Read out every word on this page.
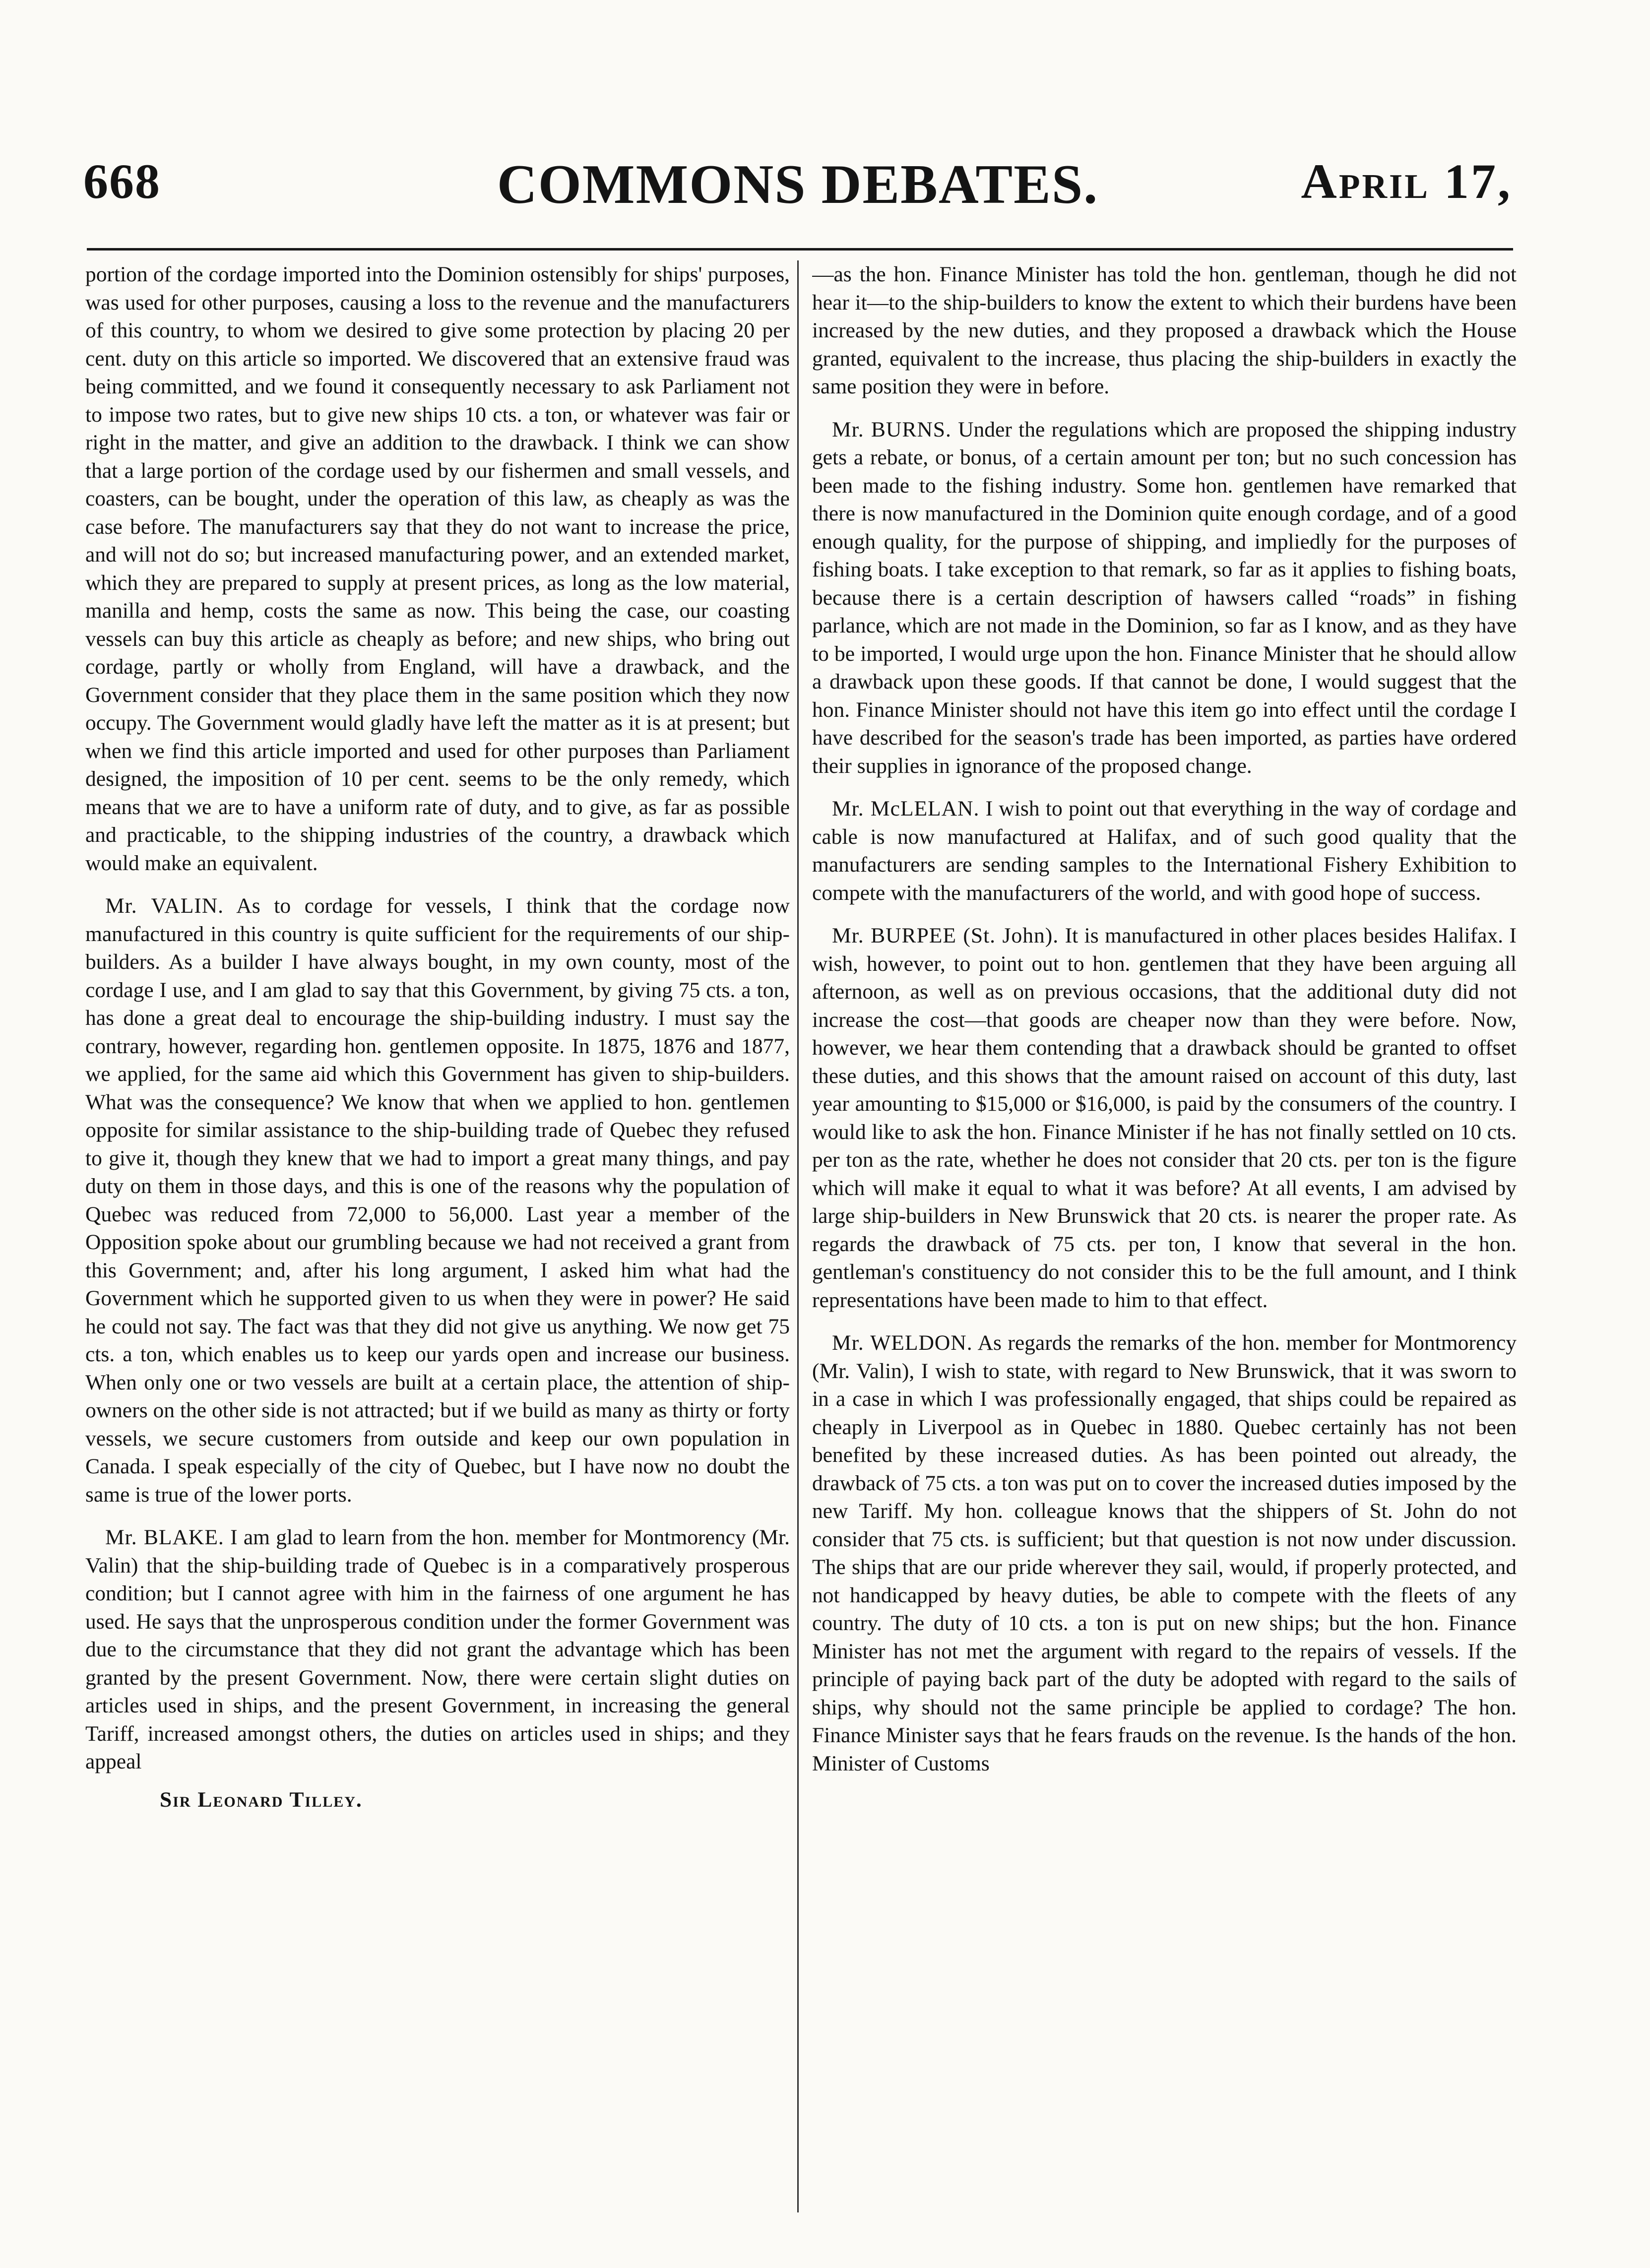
668	COMMONS DEBATES.	April 17,

portion of the cordage imported into the Dominion ostensibly for ships' purposes, was used for other purposes, causing a loss to the revenue and the manufacturers of this country, to whom we desired to give some protection by placing 20 per cent. duty on this article so imported. We discovered that an extensive fraud was being committed, and we found it consequently necessary to ask Parliament not to impose two rates, but to give new ships 10 cts. a ton, or whatever was fair or right in the matter, and give an addition to the drawback. I think we can show that a large portion of the cordage used by our fishermen and small vessels, and coasters, can be bought, under the operation of this law, as cheaply as was the case before. The manufacturers say that they do not want to increase the price, and will not do so; but increased manufacturing power, and an extended market, which they are prepared to supply at present prices, as long as the low material, manilla and hemp, costs the same as now. This being the case, our coasting vessels can buy this article as cheaply as before; and new ships, who bring out cordage, partly or wholly from England, will have a drawback, and the Government consider that they place them in the same position which they now occupy. The Government would gladly have left the matter as it is at present; but when we find this article imported and used for other purposes than Parliament designed, the imposition of 10 per cent. seems to be the only remedy, which means that we are to have a uniform rate of duty, and to give, as far as possible and practicable, to the shipping industries of the country, a drawback which would make an equivalent.

Mr. VALIN. As to cordage for vessels, I think that the cordage now manufactured in this country is quite sufficient for the requirements of our ship-builders. As a builder I have always bought, in my own county, most of the cordage I use, and I am glad to say that this Government, by giving 75 cts. a ton, has done a great deal to encourage the ship-building industry. I must say the contrary, however, regarding hon. gentlemen opposite. In 1875, 1876 and 1877, we applied, for the same aid which this Government has given to ship-builders. What was the consequence? We know that when we applied to hon. gentlemen opposite for similar assistance to the ship-building trade of Quebec they refused to give it, though they knew that we had to import a great many things, and pay duty on them in those days, and this is one of the reasons why the population of Quebec was reduced from 72,000 to 56,000. Last year a member of the Opposition spoke about our grumbling because we had not received a grant from this Government; and, after his long argument, I asked him what had the Government which he supported given to us when they were in power? He said he could not say. The fact was that they did not give us anything. We now get 75 cts. a ton, which enables us to keep our yards open and increase our business. When only one or two vessels are built at a certain place, the attention of ship-owners on the other side is not attracted; but if we build as many as thirty or forty vessels, we secure customers from outside and keep our own population in Canada. I speak especially of the city of Quebec, but I have now no doubt the same is true of the lower ports.

Mr. BLAKE. I am glad to learn from the hon. member for Montmorency (Mr. Valin) that the ship-building trade of Quebec is in a comparatively prosperous condition; but I cannot agree with him in the fairness of one argument he has used. He says that the unprosperous condition under the former Government was due to the circumstance that they did not grant the advantage which has been granted by the present Government. Now, there were certain slight duties on articles used in ships, and the present Government, in increasing the general Tariff, increased amongst others, the duties on articles used in ships; and they appeal

Sir Leonard Tilley.

—as the hon. Finance Minister has told the hon. gentleman, though he did not hear it—to the ship-builders to know the extent to which their burdens have been increased by the new duties, and they proposed a drawback which the House granted, equivalent to the increase, thus placing the ship-builders in exactly the same position they were in before.

Mr. BURNS. Under the regulations which are proposed the shipping industry gets a rebate, or bonus, of a certain amount per ton; but no such concession has been made to the fishing industry. Some hon. gentlemen have remarked that there is now manufactured in the Dominion quite enough cordage, and of a good enough quality, for the purpose of shipping, and impliedly for the purposes of fishing boats. I take exception to that remark, so far as it applies to fishing boats, because there is a certain description of hawsers called “roads” in fishing parlance, which are not made in the Dominion, so far as I know, and as they have to be imported, I would urge upon the hon. Finance Minister that he should allow a drawback upon these goods. If that cannot be done, I would suggest that the hon. Finance Minister should not have this item go into effect until the cordage I have described for the season's trade has been imported, as parties have ordered their supplies in ignorance of the proposed change.

Mr. McLELAN. I wish to point out that everything in the way of cordage and cable is now manufactured at Halifax, and of such good quality that the manufacturers are sending samples to the International Fishery Exhibition to compete with the manufacturers of the world, and with good hope of success.

Mr. BURPEE (St. John). It is manufactured in other places besides Halifax. I wish, however, to point out to hon. gentlemen that they have been arguing all afternoon, as well as on previous occasions, that the additional duty did not increase the cost—that goods are cheaper now than they were before. Now, however, we hear them contending that a drawback should be granted to offset these duties, and this shows that the amount raised on account of this duty, last year amounting to $15,000 or $16,000, is paid by the consumers of the country. I would like to ask the hon. Finance Minister if he has not finally settled on 10 cts. per ton as the rate, whether he does not consider that 20 cts. per ton is the figure which will make it equal to what it was before? At all events, I am advised by large ship-builders in New Brunswick that 20 cts. is nearer the proper rate. As regards the drawback of 75 cts. per ton, I know that several in the hon. gentleman's constituency do not consider this to be the full amount, and I think representations have been made to him to that effect.

Mr. WELDON. As regards the remarks of the hon. member for Montmorency (Mr. Valin), I wish to state, with regard to New Brunswick, that it was sworn to in a case in which I was professionally engaged, that ships could be repaired as cheaply in Liverpool as in Quebec in 1880. Quebec certainly has not been benefited by these increased duties. As has been pointed out already, the drawback of 75 cts. a ton was put on to cover the increased duties imposed by the new Tariff. My hon. colleague knows that the shippers of St. John do not consider that 75 cts. is sufficient; but that question is not now under discussion. The ships that are our pride wherever they sail, would, if properly protected, and not handicapped by heavy duties, be able to compete with the fleets of any country. The duty of 10 cts. a ton is put on new ships; but the hon. Finance Minister has not met the argument with regard to the repairs of vessels. If the principle of paying back part of the duty be adopted with regard to the sails of ships, why should not the same principle be applied to cordage? The hon. Finance Minister says that he fears frauds on the revenue. Is the hands of the hon. Minister of Customs
